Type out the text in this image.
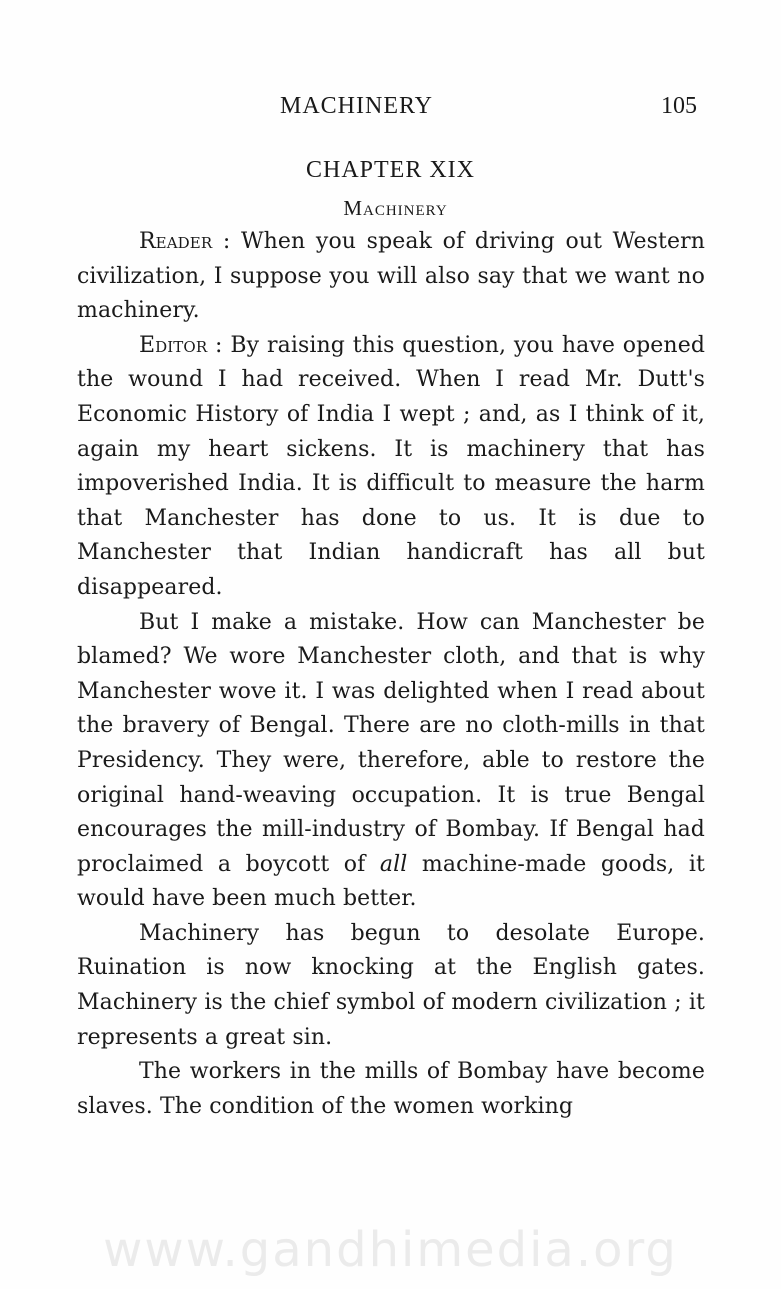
MACHINERY	105
CHAPTER XIX
Machinery

Reader : When you speak of driving out Western civilization, I suppose you will also say that we want no machinery.

Editor : By raising this question, you have opened the wound I had received. When I read Mr. Dutt's Economic History of India I wept ; and, as I think of it, again my heart sickens. It is machinery that has impoverished India. It is difficult to measure the harm that Manchester has done to us. It is due to Manchester that Indian handicraft has all but disappeared.

But I make a mistake. How can Manchester be blamed? We wore Manchester cloth, and that is why Manchester wove it. I was delighted when I read about the bravery of Bengal. There are no cloth-mills in that Presidency. They were, therefore, able to restore the original hand-weaving occupation. It is true Bengal encourages the mill-industry of Bombay. If Bengal had proclaimed a boycott of all machine-made goods, it would have been much better.

Machinery has begun to desolate Europe. Ruination is now knocking at the English gates. Machinery is the chief symbol of modern civilization ; it represents a great sin.

The workers in the mills of Bombay have become slaves. The condition of the women working

www.gandhimedia.org
